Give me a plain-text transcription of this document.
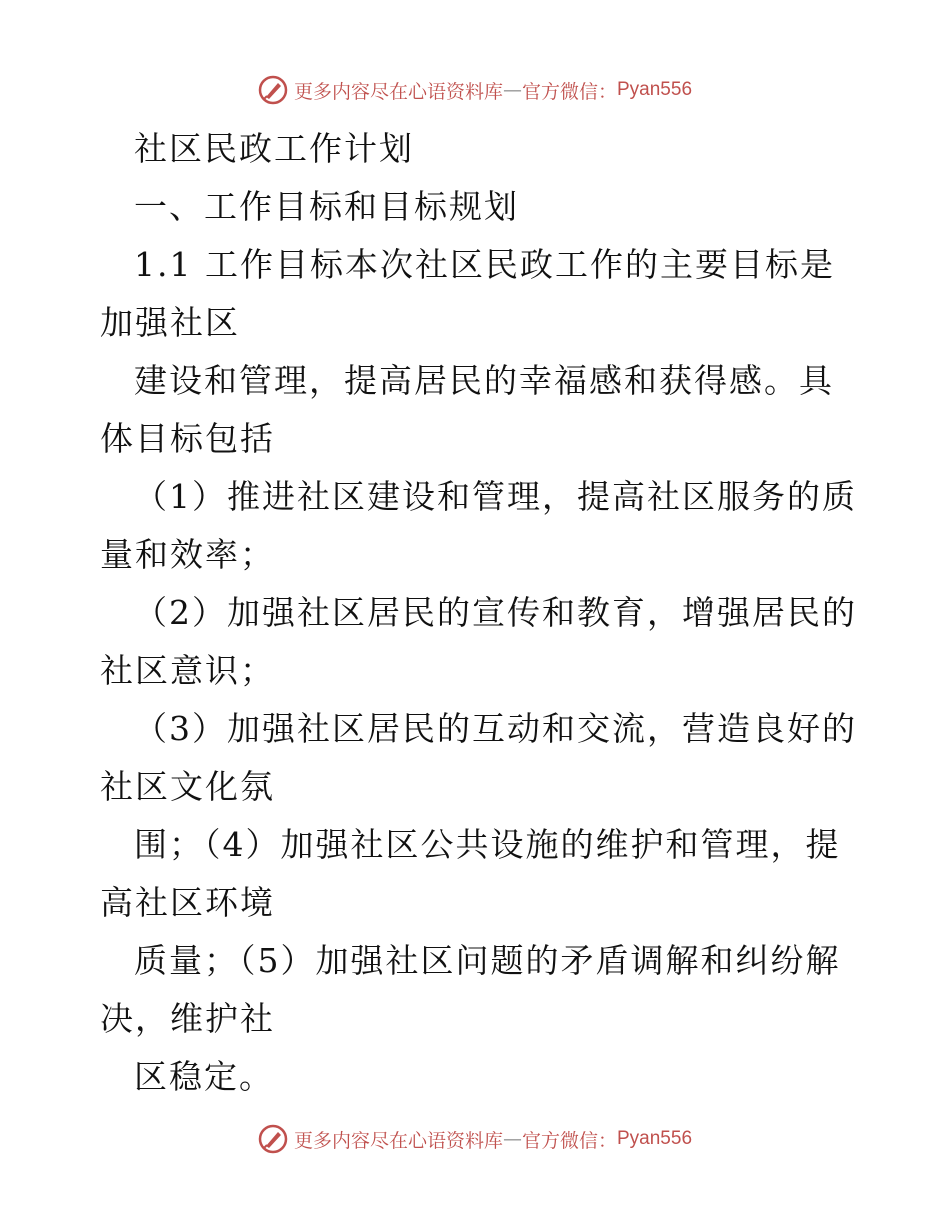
更多内容尽在心语资料库 — 官方微信： Pyan556

社区民政工作计划

一、工作目标和目标规划

1.1 工作目标本次社区民政工作的主要目标是加强社区

建设和管理，提高居民的幸福感和获得感。具体目标包括

（1）推进社区建设和管理，提高社区服务的质量和效率；

（2）加强社区居民的宣传和教育，增强居民的社区意识；

（3）加强社区居民的互动和交流，营造良好的社区文化氛

围；（4）加强社区公共设施的维护和管理，提高社区环境

质量；（5）加强社区问题的矛盾调解和纠纷解决，维护社

区稳定。

更多内容尽在心语资料库 — 官方微信： Pyan556
